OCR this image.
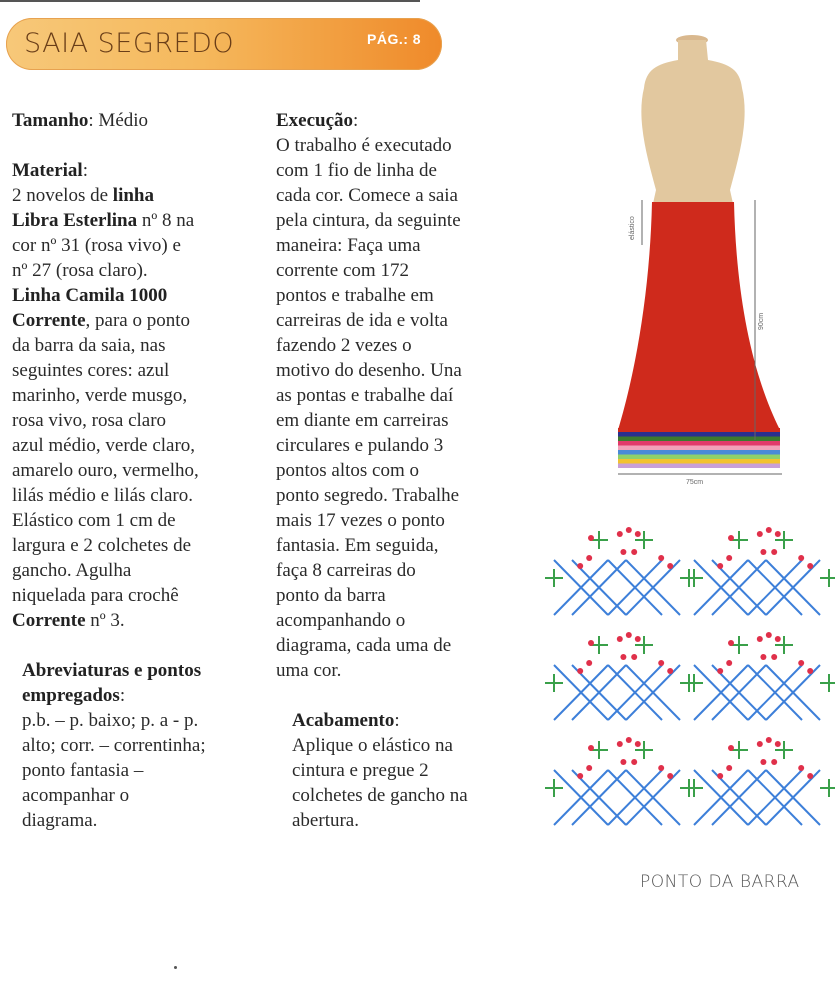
SAIA SEGREDO	PÁG.: 8

Tamanho: Médio

Material:

2 novelos de linha

Libra Esterlina nº 8 na

cor nº 31 (rosa vivo) e

nº 27 (rosa claro).

Linha Camila 1000

Corrente, para o ponto

da barra da saia, nas

seguintes cores: azul

marinho, verde musgo,

rosa vivo, rosa claro

azul médio, verde claro,

amarelo ouro, vermelho,

lilás médio e lilás claro.

Elástico com 1 cm de

largura e 2 colchetes de

gancho. Agulha

niquelada para crochê

Corrente nº 3.

Abreviaturas e pontos

empregados:

p.b. – p. baixo; p. a - p.

alto; corr. – correntinha;

ponto fantasia –

acompanhar o

diagrama.

Execução:

O trabalho é executado

com 1 fio de linha de

cada cor. Comece a saia

pela cintura, da seguinte

maneira: Faça uma

corrente com 172

pontos e trabalhe em

carreiras de ida e volta

fazendo 2 vezes o

motivo do desenho. Una

as pontas e trabalhe daí

em diante em carreiras

circulares e pulando 3

pontos altos com o

ponto segredo. Trabalhe

mais 17 vezes o ponto

fantasia. Em seguida,

faça 8 carreiras do

ponto da barra

acompanhando o

diagrama, cada uma de

uma cor.

Acabamento:

Aplique o elástico na

cintura e pregue 2

colchetes de gancho na

abertura.

elástico
90cm
75cm
PONTO DA BARRA
